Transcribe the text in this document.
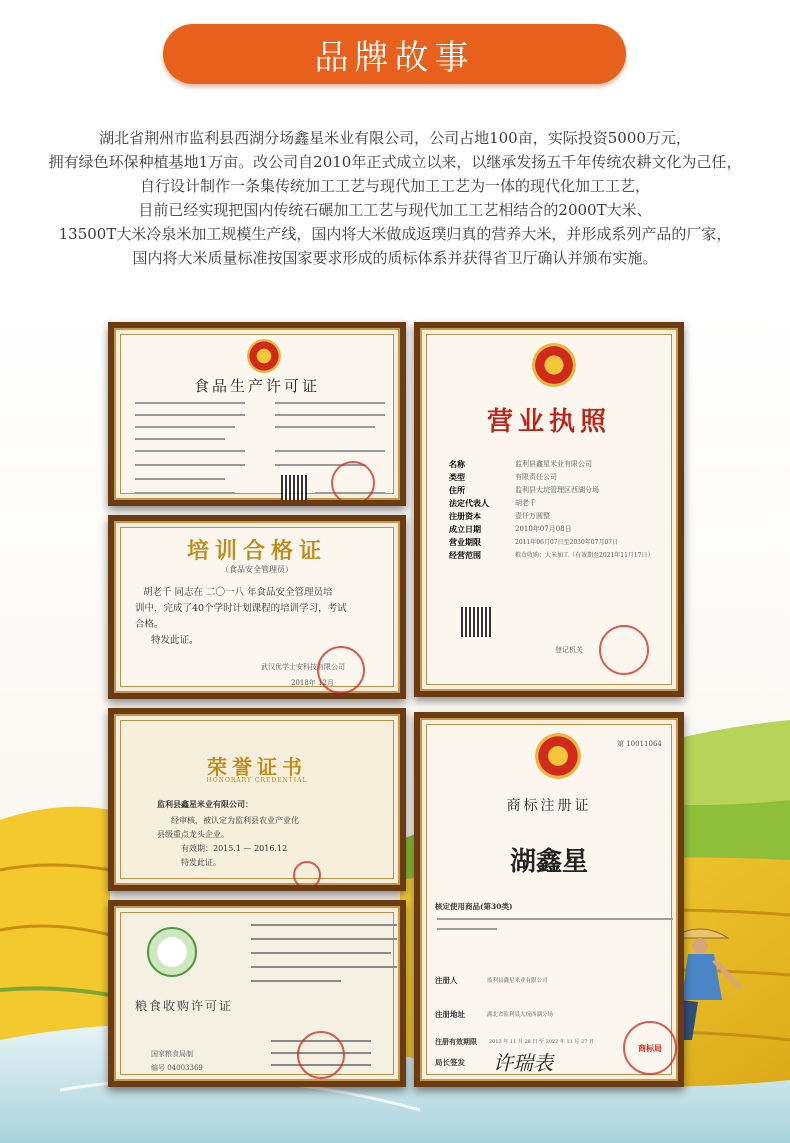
品牌故事
湖北省荆州市监利县西湖分场鑫星米业有限公司，公司占地100亩，实际投资5000万元，
拥有绿色环保种植基地1万亩。改公司自2010年正式成立以来，以继承发扬五千年传统农耕文化为己任，
自行设计制作一条集传统加工工艺与现代加工工艺为一体的现代化加工工艺，
目前已经实现把国内传统石碾加工工艺与现代加工工艺相结合的2000T大米、
13500T大米冷泉米加工规模生产线，国内将大米做成返璞归真的营养大米，并形成系列产品的厂家，
国内将大米质量标准按国家要求形成的质标体系并获得省卫厅确认并颁布实施。
食品生产许可证
培训合格证
（食品安全管理员）
胡老千 同志在 二〇一八 年食品安全管理员培
训中，完成了40个学时计划课程的培训学习，考试
合格。
特发此证。
武汉优学士安科技有限公司
2018年 12月
营业执照
名称	监利县鑫星米业有限公司
类型	有限责任公司
住所	监利县大垸管理区西湖分场
法定代表人	胡老千
注册资本	壹仟万圆整
成立日期	2010年07月08日
营业期限	2011年06月07日至2030年07月07日
经营范围	粮食收购；大米加工（有效期至2021年11月17日）
登记机关
荣誉证书
HONORARY CREDENTIAL
监利县鑫星米业有限公司：
经审核，被认定为监利县农业产业化
县级重点龙头企业。
有效期：2015.1 — 2016.12
特发此证。
第 10011064
商标注册证
湖鑫星
核定使用商品(第30类)
注册人	监利县鑫星米业有限公司
注册地址	湖北省监利县大垸西湖分场
注册有效期限 2012 年 11 月 28 日 至 2022 年 11 月 27 日
局长签发 许瑞表
商标局
粮食收购许可证
国家粮食局制
编号 04003369
